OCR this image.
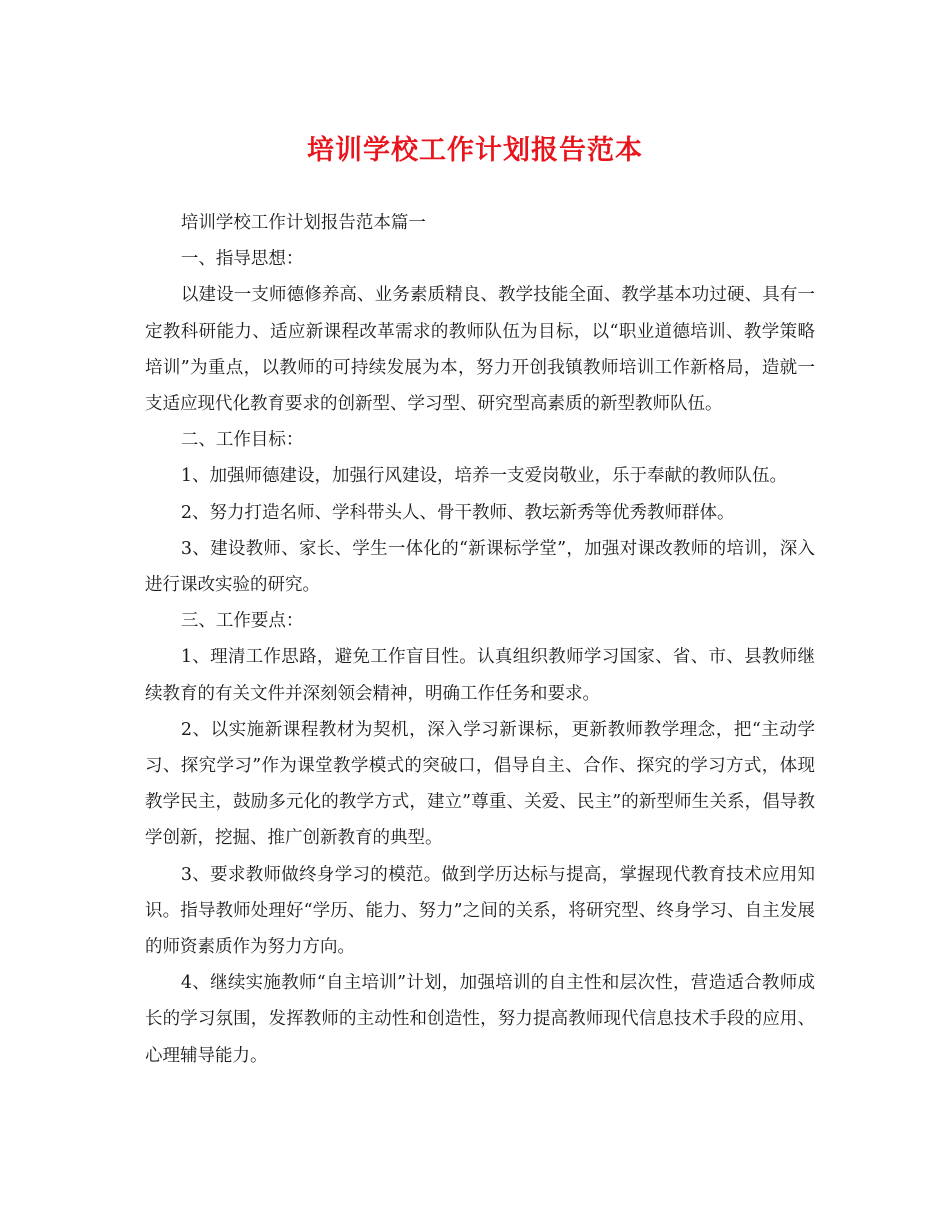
培训学校工作计划报告范本

培训学校工作计划报告范本篇一

一、指导思想：

以建设一支师德修养高、业务素质精良、教学技能全面、教学基本功过硬、具有一定教科研能力、适应新课程改革需求的教师队伍为目标，以“职业道德培训、教学策略培训”为重点，以教师的可持续发展为本，努力开创我镇教师培训工作新格局，造就一支适应现代化教育要求的创新型、学习型、研究型高素质的新型教师队伍。

二、工作目标：

1、加强师德建设，加强行风建设，培养一支爱岗敬业，乐于奉献的教师队伍。

2、努力打造名师、学科带头人、骨干教师、教坛新秀等优秀教师群体。

3、建设教师、家长、学生一体化的“新课标学堂”，加强对课改教师的培训，深入进行课改实验的研究。

三、工作要点：

1、理清工作思路，避免工作盲目性。认真组织教师学习国家、省、市、县教师继续教育的有关文件并深刻领会精神，明确工作任务和要求。

2、以实施新课程教材为契机，深入学习新课标，更新教师教学理念，把“主动学习、探究学习”作为课堂教学模式的突破口，倡导自主、合作、探究的学习方式，体现教学民主，鼓励多元化的教学方式，建立”尊重、关爱、民主”的新型师生关系，倡导教学创新，挖掘、推广创新教育的典型。

3、要求教师做终身学习的模范。做到学历达标与提高，掌握现代教育技术应用知识。指导教师处理好“学历、能力、努力”之间的关系，将研究型、终身学习、自主发展的师资素质作为努力方向。

4、继续实施教师“自主培训”计划，加强培训的自主性和层次性，营造适合教师成长的学习氛围，发挥教师的主动性和创造性，努力提高教师现代信息技术手段的应用、心理辅导能力。
